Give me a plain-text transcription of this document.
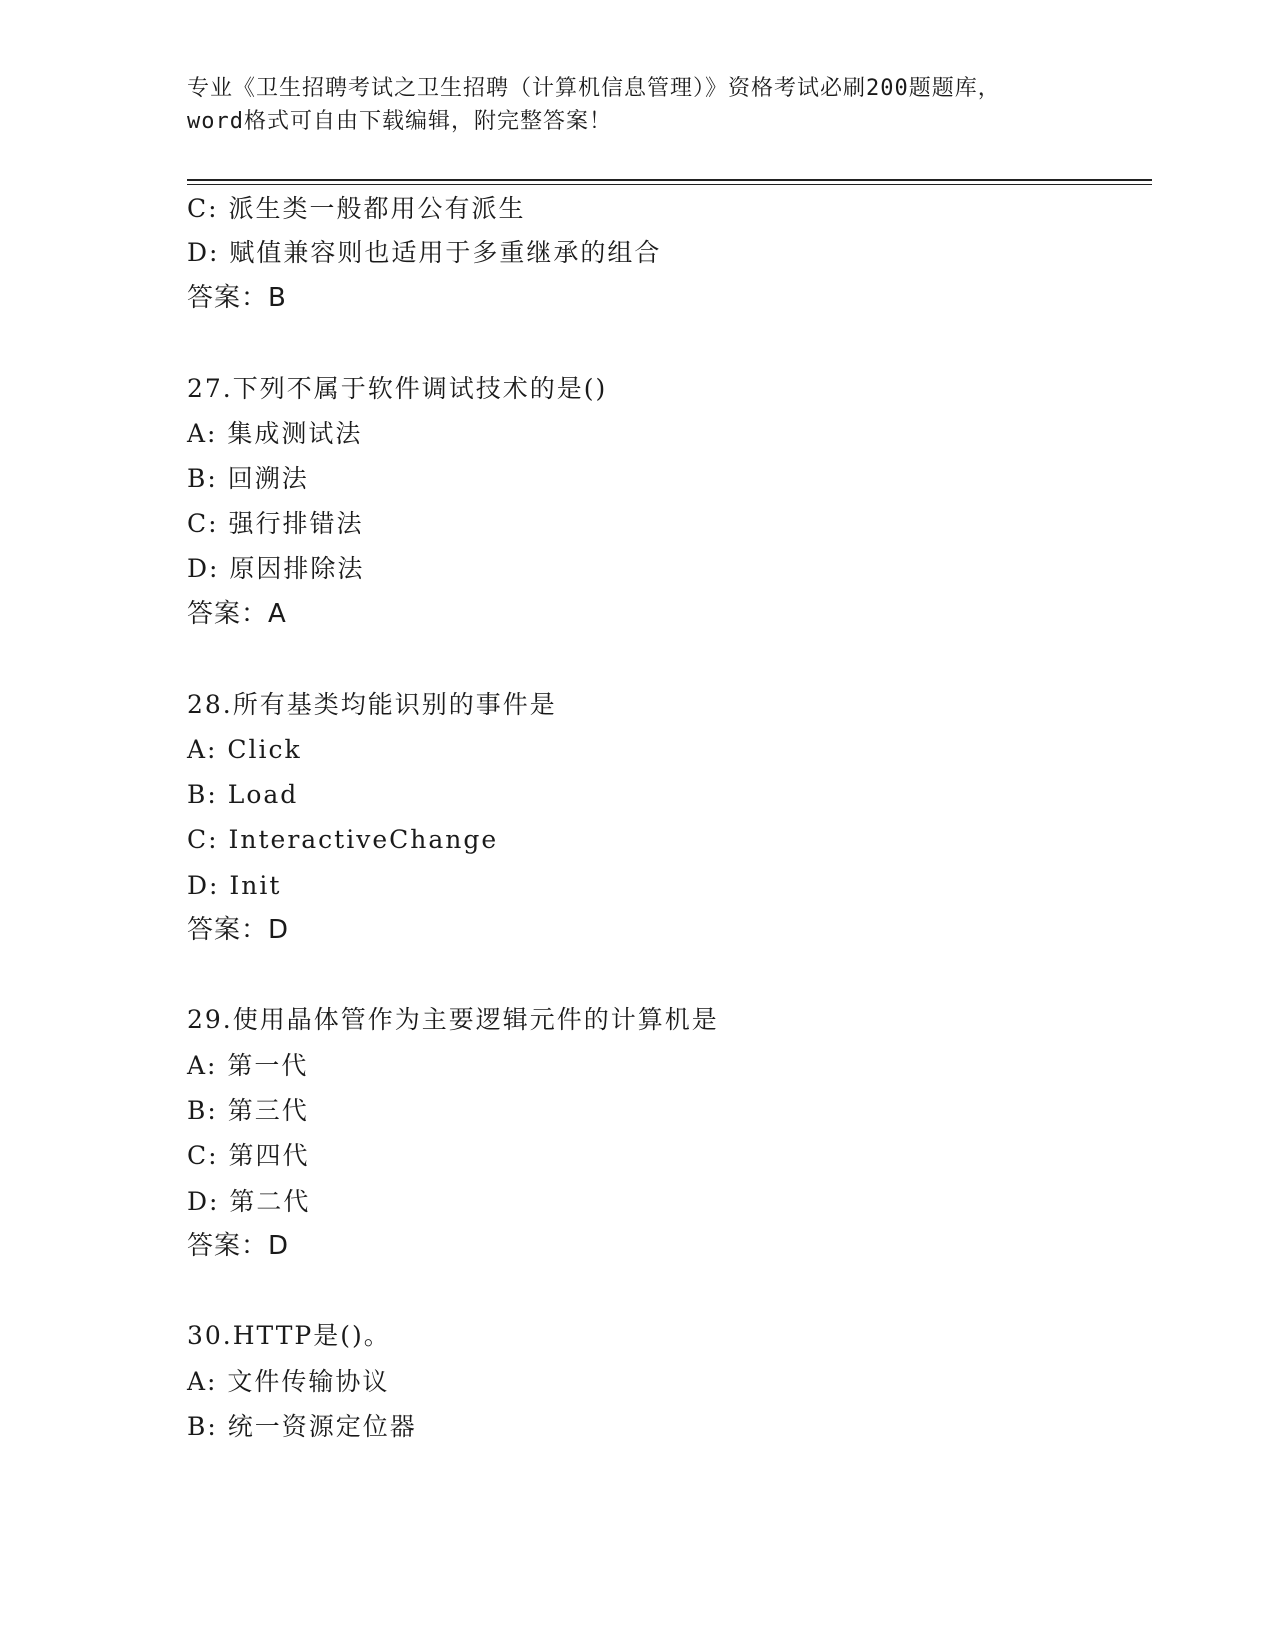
专业《卫生招聘考试之卫生招聘（计算机信息管理）》资格考试必刷200题题库，
word格式可自由下载编辑，附完整答案！
C: 派生类一般都用公有派生
D: 赋值兼容则也适用于多重继承的组合
答案：B
27.下列不属于软件调试技术的是()
A: 集成测试法
B: 回溯法
C: 强行排错法
D: 原因排除法
答案：A
28.所有基类均能识别的事件是
A: Click
B: Load
C: InteractiveChange
D: Init
答案：D
29.使用晶体管作为主要逻辑元件的计算机是
A: 第一代
B: 第三代
C: 第四代
D: 第二代
答案：D
30.HTTP是()。
A: 文件传输协议
B: 统一资源定位器
